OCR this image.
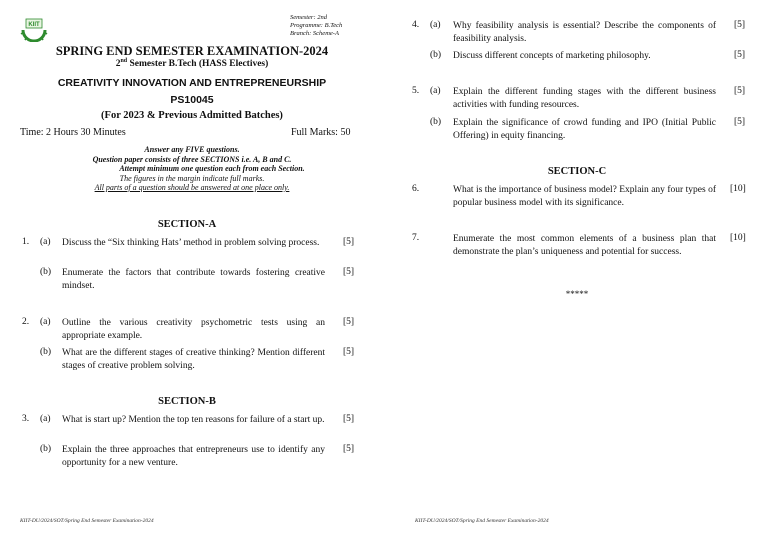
KIIT
Semester: 2nd
Programme: B.Tech
Branch: Scheme-A
SPRING END SEMESTER EXAMINATION-2024
2nd Semester B.Tech (HASS Electives)
CREATIVITY INNOVATION AND ENTREPRENEURSHIP
PS10045
(For 2023 & Previous Admitted Batches)
Time: 2 Hours 30 Minutes	Full Marks: 50
Answer any FIVE questions.
Question paper consists of three SECTIONS i.e. A, B and C.
Attempt minimum one question each from each Section.
The figures in the margin indicate full marks.
All parts of a question should be answered at one place only.
SECTION-A
1. (a) Discuss the “Six thinking Hats’ method in problem solving process.	[5]
(b) Enumerate the factors that contribute towards fostering creative mindset.
[5]
2. (a) Outline the various creativity psychometric tests using an appropriate example.
[5]
(b) What are the different stages of creative thinking? Mention different stages of creative problem solving.
[5]
SECTION-B
3. (a) What is start up? Mention the top ten reasons for failure of a start up. [5]
(b) Explain the three approaches that entrepreneurs use to identify any opportunity for a new venture.
[5]
KIIT-DU/2024/SOT/Spring End Semester Examination-2024
4. (a) Why feasibility analysis is essential? Describe the components of feasibility analysis.
[5]
(b) Discuss different concepts of marketing philosophy.	[5]
5. (a) Explain the different funding stages with the different business activities with funding resources.
[5]
(b) Explain the significance of crowd funding and IPO (Initial Public Offering) in equity financing.
[5]
SECTION-C
6.	What is the importance of business model? Explain any four types of popular business model with its significance.
[10]
7.	Enumerate the most common elements of a business plan that demonstrate the plan’s uniqueness and potential for success.
[10]
*****
KIIT-DU/2024/SOT/Spring End Semester Examination-2024
